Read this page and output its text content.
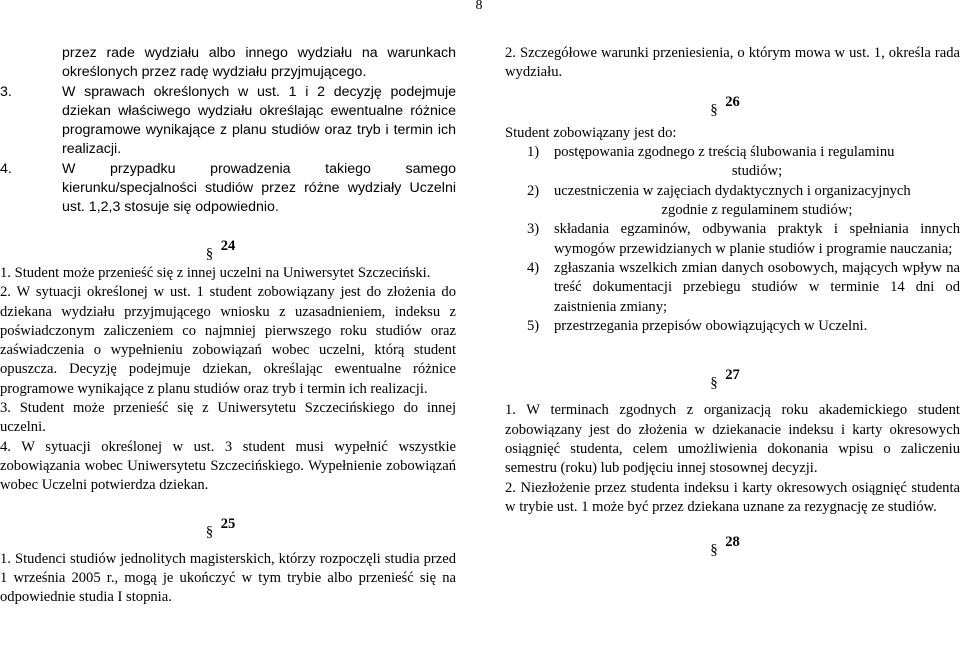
8

przez rade wydziału albo innego wydziału na warunkach określonych przez radę wydziału przyjmującego.

3.	W sprawach określonych w ust. 1 i 2 decyzję podejmuje dziekan właściwego wydziału określając ewentualne różnice programowe wynikające z planu studiów oraz tryb i termin ich realizacji.
4.	W przypadku prowadzenia takiego samego kierunku/specjalności studiów przez różne wydziały Uczelni ust. 1,2,3 stosuje się odpowiednio.

§ 24

1. Student może przenieść się z innej uczelni na Uniwersytet Szczeciński.

2. W sytuacji określonej w ust. 1 student zobowiązany jest do złożenia do dziekana wydziału przyjmującego wniosku z uzasadnieniem, indeksu z poświadczonym zaliczeniem co najmniej pierwszego roku studiów oraz zaświadczenia o wypełnieniu zobowiązań wobec uczelni, którą student opuszcza. Decyzję podejmuje dziekan, określając ewentualne różnice programowe wynikające z planu studiów oraz tryb i termin ich realizacji.

3. Student może przenieść się z Uniwersytetu Szczecińskiego do innej uczelni.

4. W sytuacji określonej w ust. 3 student musi wypełnić wszystkie zobowiązania wobec Uniwersytetu Szczecińskiego. Wypełnienie zobowiązań wobec Uczelni potwierdza dziekan.

§ 25

1. Studenci studiów jednolitych magisterskich, którzy rozpoczęli studia przed 1 września 2005 r., mogą je ukończyć w tym trybie albo przenieść się na odpowiednie studia I stopnia.

2. Szczegółowe warunki przeniesienia, o którym mowa w ust. 1, określa rada wydziału.

§ 26

Student zobowiązany jest do:

1)	postępowania zgodnego z treścią ślubowania i regulaminu
studiów;
2)	uczestniczenia w zajęciach dydaktycznych i organizacyjnych
zgodnie z regulaminem studiów;
3)	składania egzaminów, odbywania praktyk i spełniania innych wymogów przewidzianych w planie studiów i programie nauczania;
4)	zgłaszania wszelkich zmian danych osobowych, mających wpływ na treść dokumentacji przebiegu studiów w terminie 14 dni od zaistnienia zmiany;
5)	przestrzegania przepisów obowiązujących w Uczelni.

§ 27

1. W terminach zgodnych z organizacją roku akademickiego student zobowiązany jest do złożenia w dziekanacie indeksu i karty okresowych osiągnięć studenta, celem umożliwienia dokonania wpisu o zaliczeniu semestru (roku) lub podjęciu innej stosownej decyzji.

2. Niezłożenie przez studenta indeksu i karty okresowych osiągnięć studenta w trybie ust. 1 może być przez dziekana uznane za rezygnację ze studiów.

§ 28
